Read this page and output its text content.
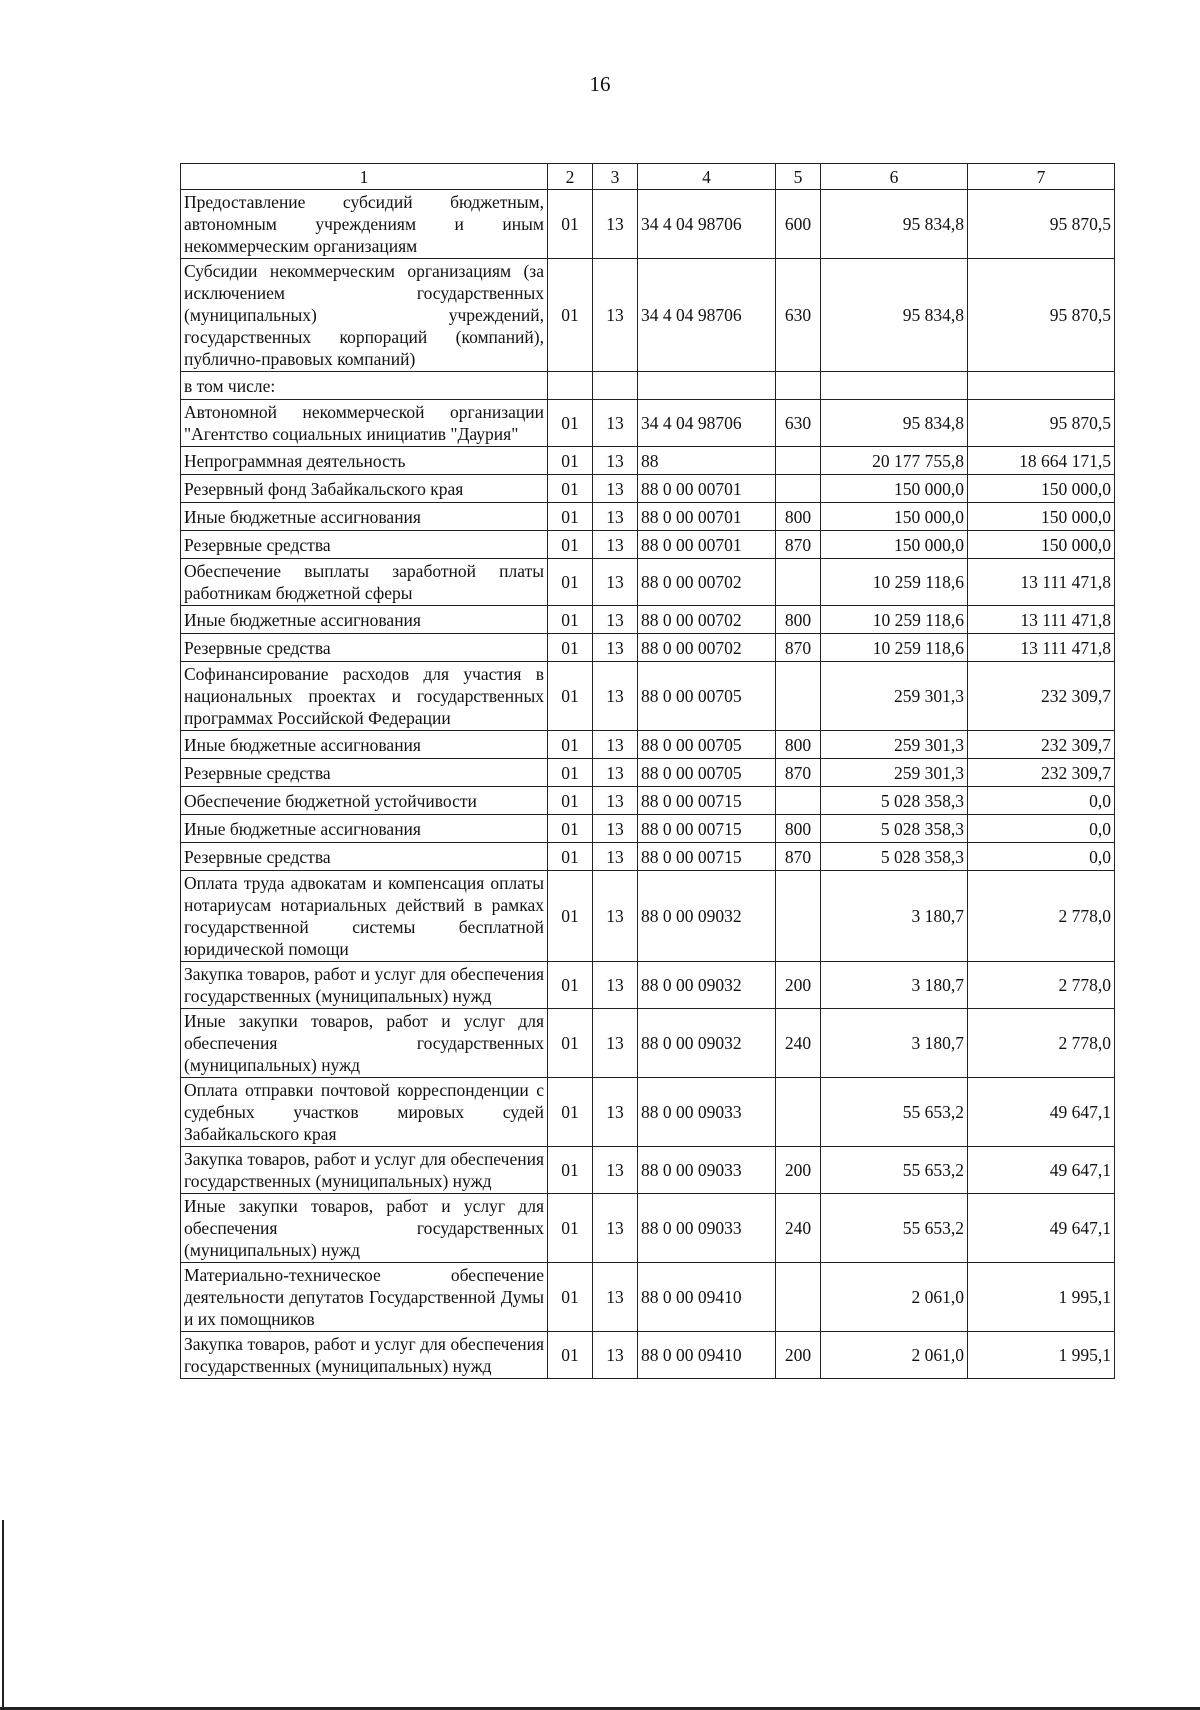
16
1	2	3	4	5	6	7
Предоставление субсидий бюджетным, автономным учреждениям и иным некоммерческим организациям	01	13	34 4 04 98706	600	95 834,8	95 870,5
Субсидии некоммерческим организациям (за исключением государственных (муниципальных) учреждений, государственных корпораций (компаний), публично-правовых компаний)	01	13	34 4 04 98706	630	95 834,8	95 870,5
в том числе:						
Автономной некоммерческой организации "Агентство социальных инициатив "Даурия"	01	13	34 4 04 98706	630	95 834,8	95 870,5
Непрограммная деятельность	01	13	88		20 177 755,8	18 664 171,5
Резервный фонд Забайкальского края	01	13	88 0 00 00701		150 000,0	150 000,0
Иные бюджетные ассигнования	01	13	88 0 00 00701	800	150 000,0	150 000,0
Резервные средства	01	13	88 0 00 00701	870	150 000,0	150 000,0
Обеспечение выплаты заработной платы работникам бюджетной сферы	01	13	88 0 00 00702		10 259 118,6	13 111 471,8
Иные бюджетные ассигнования	01	13	88 0 00 00702	800	10 259 118,6	13 111 471,8
Резервные средства	01	13	88 0 00 00702	870	10 259 118,6	13 111 471,8
Софинансирование расходов для участия в национальных проектах и государственных программах Российской Федерации	01	13	88 0 00 00705		259 301,3	232 309,7
Иные бюджетные ассигнования	01	13	88 0 00 00705	800	259 301,3	232 309,7
Резервные средства	01	13	88 0 00 00705	870	259 301,3	232 309,7
Обеспечение бюджетной устойчивости	01	13	88 0 00 00715		5 028 358,3	0,0
Иные бюджетные ассигнования	01	13	88 0 00 00715	800	5 028 358,3	0,0
Резервные средства	01	13	88 0 00 00715	870	5 028 358,3	0,0
Оплата труда адвокатам и компенсация оплаты нотариусам нотариальных действий в рамках государственной системы бесплатной юридической помощи	01	13	88 0 00 09032		3 180,7	2 778,0
Закупка товаров, работ и услуг для обеспечения государственных (муниципальных) нужд	01	13	88 0 00 09032	200	3 180,7	2 778,0
Иные закупки товаров, работ и услуг для обеспечения государственных (муниципальных) нужд	01	13	88 0 00 09032	240	3 180,7	2 778,0
Оплата отправки почтовой корреспонденции с судебных участков мировых судей Забайкальского края	01	13	88 0 00 09033		55 653,2	49 647,1
Закупка товаров, работ и услуг для обеспечения государственных (муниципальных) нужд	01	13	88 0 00 09033	200	55 653,2	49 647,1
Иные закупки товаров, работ и услуг для обеспечения государственных (муниципальных) нужд	01	13	88 0 00 09033	240	55 653,2	49 647,1
Материально-техническое обеспечение деятельности депутатов Государственной Думы и их помощников	01	13	88 0 00 09410		2 061,0	1 995,1
Закупка товаров, работ и услуг для обеспечения государственных (муниципальных) нужд	01	13	88 0 00 09410	200	2 061,0	1 995,1
